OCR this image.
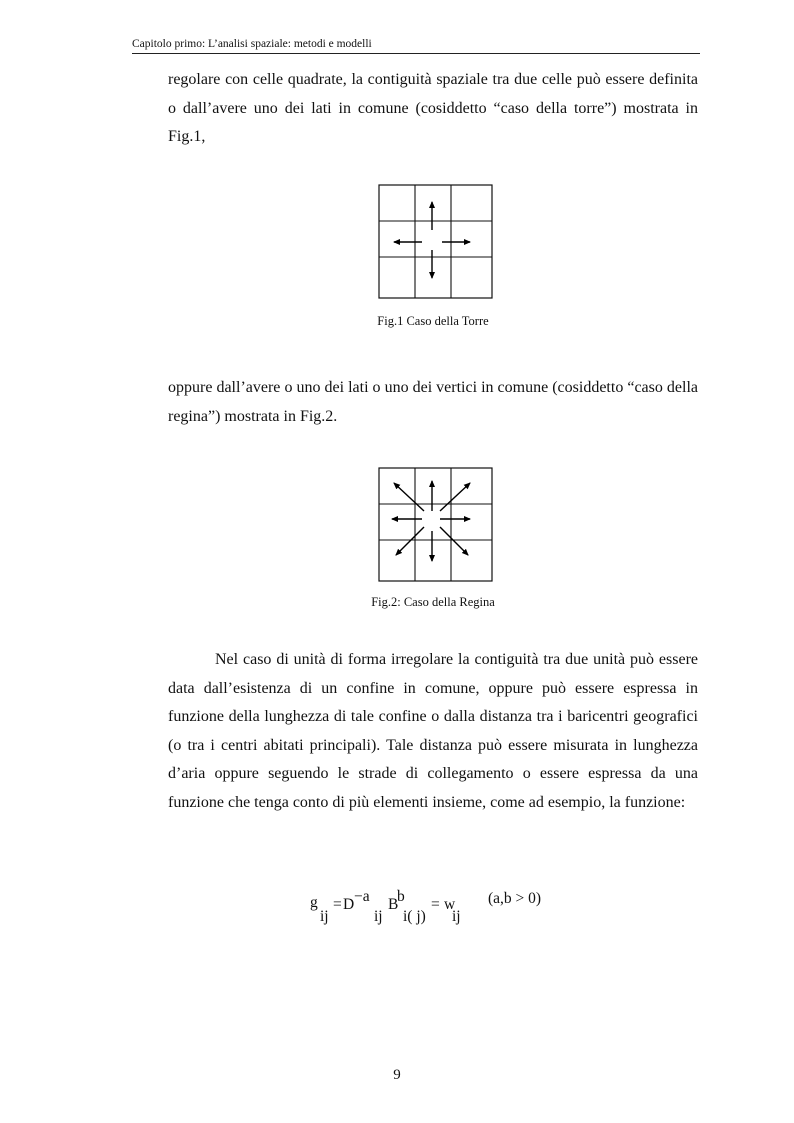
Capitolo primo: L’analisi spaziale: metodi e modelli

regolare con celle quadrate, la contiguità spaziale tra due celle può essere definita o dall’avere uno dei lati in comune (cosiddetto “caso della torre”) mostrata in Fig.1,

Fig.1 Caso della Torre

oppure dall’avere o uno dei lati o uno dei vertici in comune (cosiddetto “caso della regina”) mostrata in Fig.2.

Fig.2: Caso della Regina

Nel caso di unità di forma irregolare la contiguità tra due unità può essere data dall’esistenza di un confine in comune, oppure può essere espressa in funzione della lunghezza di tale confine o dalla distanza tra i baricentri geografici (o tra i centri abitati principali). Tale distanza può essere misurata in lunghezza d’aria oppure seguendo le strade di collegamento o essere espressa da una funzione che tenga conto di più elementi insieme, come ad esempio, la funzione:

g
ij
= D −a
ij
B
b
i( j)
= w
ij
(a,b > 0)
9
